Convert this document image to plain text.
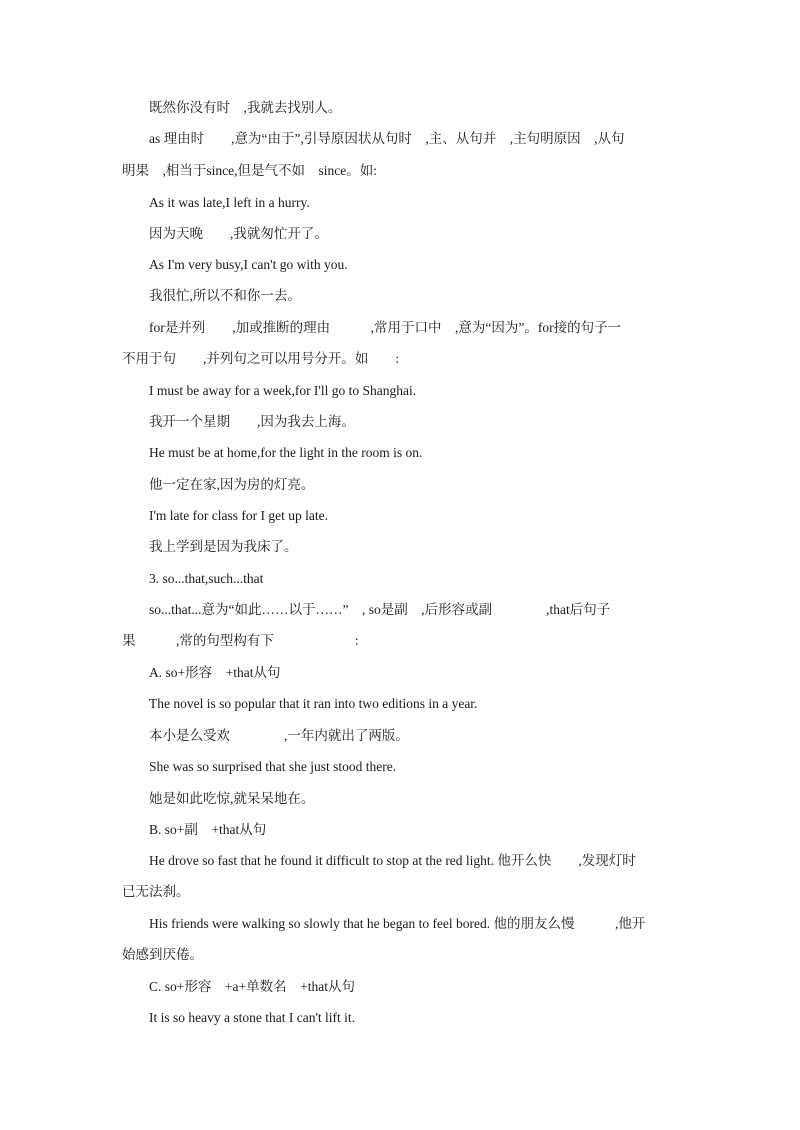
既然你没有时　,我就去找别人。
as 理由时　　,意为“由于”,引导原因状从句时　,主、从句并　,主句明原因　,从句
明果　,相当于since,但是气不如　since。如:
As it was late,I left in a hurry.
因为天晚　　,我就匆忙开了。
As I'm very busy,I can't go with you.
我很忙,所以不和你一去。
for是并列　　,加或推断的理由　　　,常用于口中　,意为“因为”。for接的句子一
不用于句　　,并列句之可以用号分开。如　　:
I must be away for a week,for I'll go to Shanghai.
我开一个星期　　,因为我去上海。
He must be at home,for the light in the room is on.
他一定在家,因为房的灯亮。
I'm late for class for I get up late.
我上学到是因为我床了。
3. so...that,such...that
so...that...意为“如此……以于……”　, so是副　,后形容或副　　　　,that后句子
果　　　,常的句型构有下　　　　　　:
A. so+形容　+that从句
The novel is so popular that it ran into two editions in a year.
本小是么受欢　　　　,一年内就出了两版。
She was so surprised that she just stood there.
她是如此吃惊,就呆呆地在。
B. so+副　+that从句
He drove so fast that he found it difficult to stop at the red light. 他开么快　　,发现灯时
已无法刹。
His friends were walking so slowly that he began to feel bored. 他的朋友么慢　　　,他开
始感到厌倦。
C. so+形容　+a+单数名　+that从句
It is so heavy a stone that I can't lift it.
